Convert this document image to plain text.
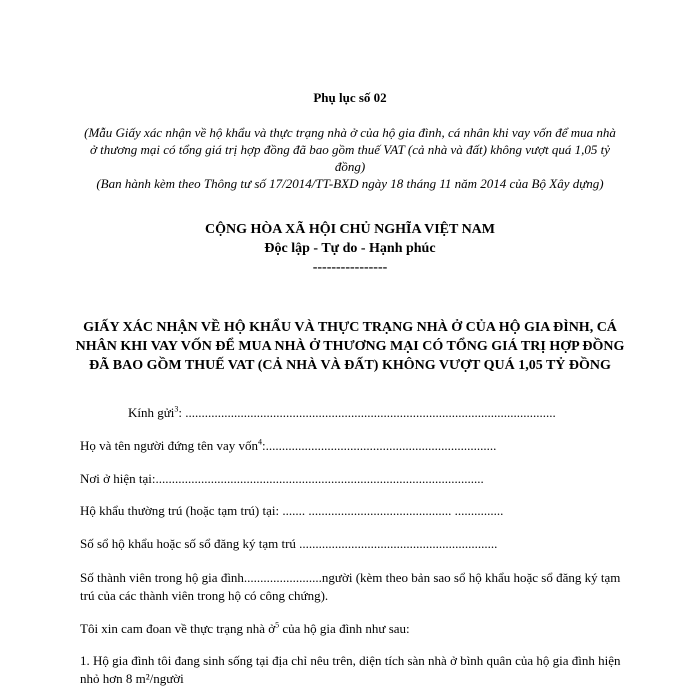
Phụ lục số 02
(Mẫu Giấy xác nhận về hộ khẩu và thực trạng nhà ở của hộ gia đình, cá nhân khi vay vốn để mua nhà ở thương mại có tổng giá trị hợp đồng đã bao gồm thuế VAT (cả nhà và đất) không vượt quá 1,05 tỷ đồng)
(Ban hành kèm theo Thông tư số 17/2014/TT-BXD ngày 18 tháng 11 năm 2014 của Bộ Xây dựng)
CỘNG HÒA XÃ HỘI CHỦ NGHĨA VIỆT NAM
Độc lập - Tự do - Hạnh phúc
----------------
GIẤY XÁC NHẬN VỀ HỘ KHẨU VÀ THỰC TRẠNG NHÀ Ở CỦA HỘ GIA ĐÌNH, CÁ NHÂN KHI VAY VỐN ĐỂ MUA NHÀ Ở THƯƠNG MẠI CÓ TỔNG GIÁ TRỊ HỢP ĐỒNG ĐÃ BAO GỒM THUẾ VAT (CẢ NHÀ VÀ ĐẤT) KHÔNG VƯỢT QUÁ 1,05 TỶ ĐỒNG
Kính gửi$^3$: ..................................................................................................................
Họ và tên người đứng tên vay vốn$^4$:.......................................................................
Nơi ở hiện tại:.....................................................................................................
Hộ khẩu thường trú (hoặc tạm trú) tại: ....... ............................................ ...............
Số sổ hộ khẩu hoặc số sổ đăng ký tạm trú .............................................................
Số thành viên trong hộ gia đình........................người (kèm theo bản sao sổ hộ khẩu hoặc sổ đăng ký tạm trú của các thành viên trong hộ có công chứng).
Tôi xin cam đoan về thực trạng nhà ở$^5$ của hộ gia đình như sau:
1. Hộ gia đình tôi đang sinh sống tại địa chỉ nêu trên, diện tích sàn nhà ở bình quân của hộ gia đình hiện nhỏ hơn 8 m²/người
